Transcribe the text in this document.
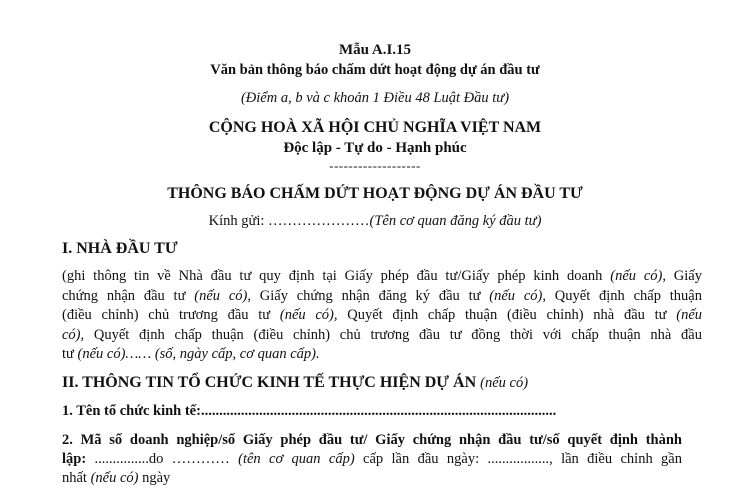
Mẫu A.I.15
Văn bản thông báo chấm dứt hoạt động dự án đầu tư
(Điểm a, b và c khoản 1 Điều 48 Luật Đầu tư)
CỘNG HOÀ XÃ HỘI CHỦ NGHĨA VIỆT NAM
Độc lập - Tự do - Hạnh phúc
-------------------
THÔNG BÁO CHẤM DỨT HOẠT ĐỘNG DỰ ÁN ĐẦU TƯ
Kính gửi: …………………(Tên cơ quan đăng ký đầu tư)
I. NHÀ ĐẦU TƯ
(ghi thông tin về Nhà đầu tư quy định tại Giấy phép đầu tư/Giấy phép kinh doanh (nếu có), Giấy
chứng nhận đầu tư (nếu có), Giấy chứng nhận đăng ký đầu tư (nếu có), Quyết định chấp thuận
(điều chỉnh) chủ trương đầu tư (nếu có), Quyết định chấp thuận (điều chỉnh) nhà đầu tư (nếu
có), Quyết định chấp thuận (điều chỉnh) chủ trương đầu tư đồng thời với chấp thuận nhà đầu
tư (nếu có)…… (số, ngày cấp, cơ quan cấp).
II. THÔNG TIN TỔ CHỨC KINH TẾ THỰC HIỆN DỰ ÁN (nếu có)
1. Tên tổ chức kinh tế:..................................................................................................
2. Mã số doanh nghiệp/số Giấy phép đầu tư/ Giấy chứng nhận đầu tư/số quyết định thành
lập: ...............do ………… (tên cơ quan cấp) cấp lần đầu ngày: ................., lần điều chỉnh gần
nhất (nếu có) ngày
